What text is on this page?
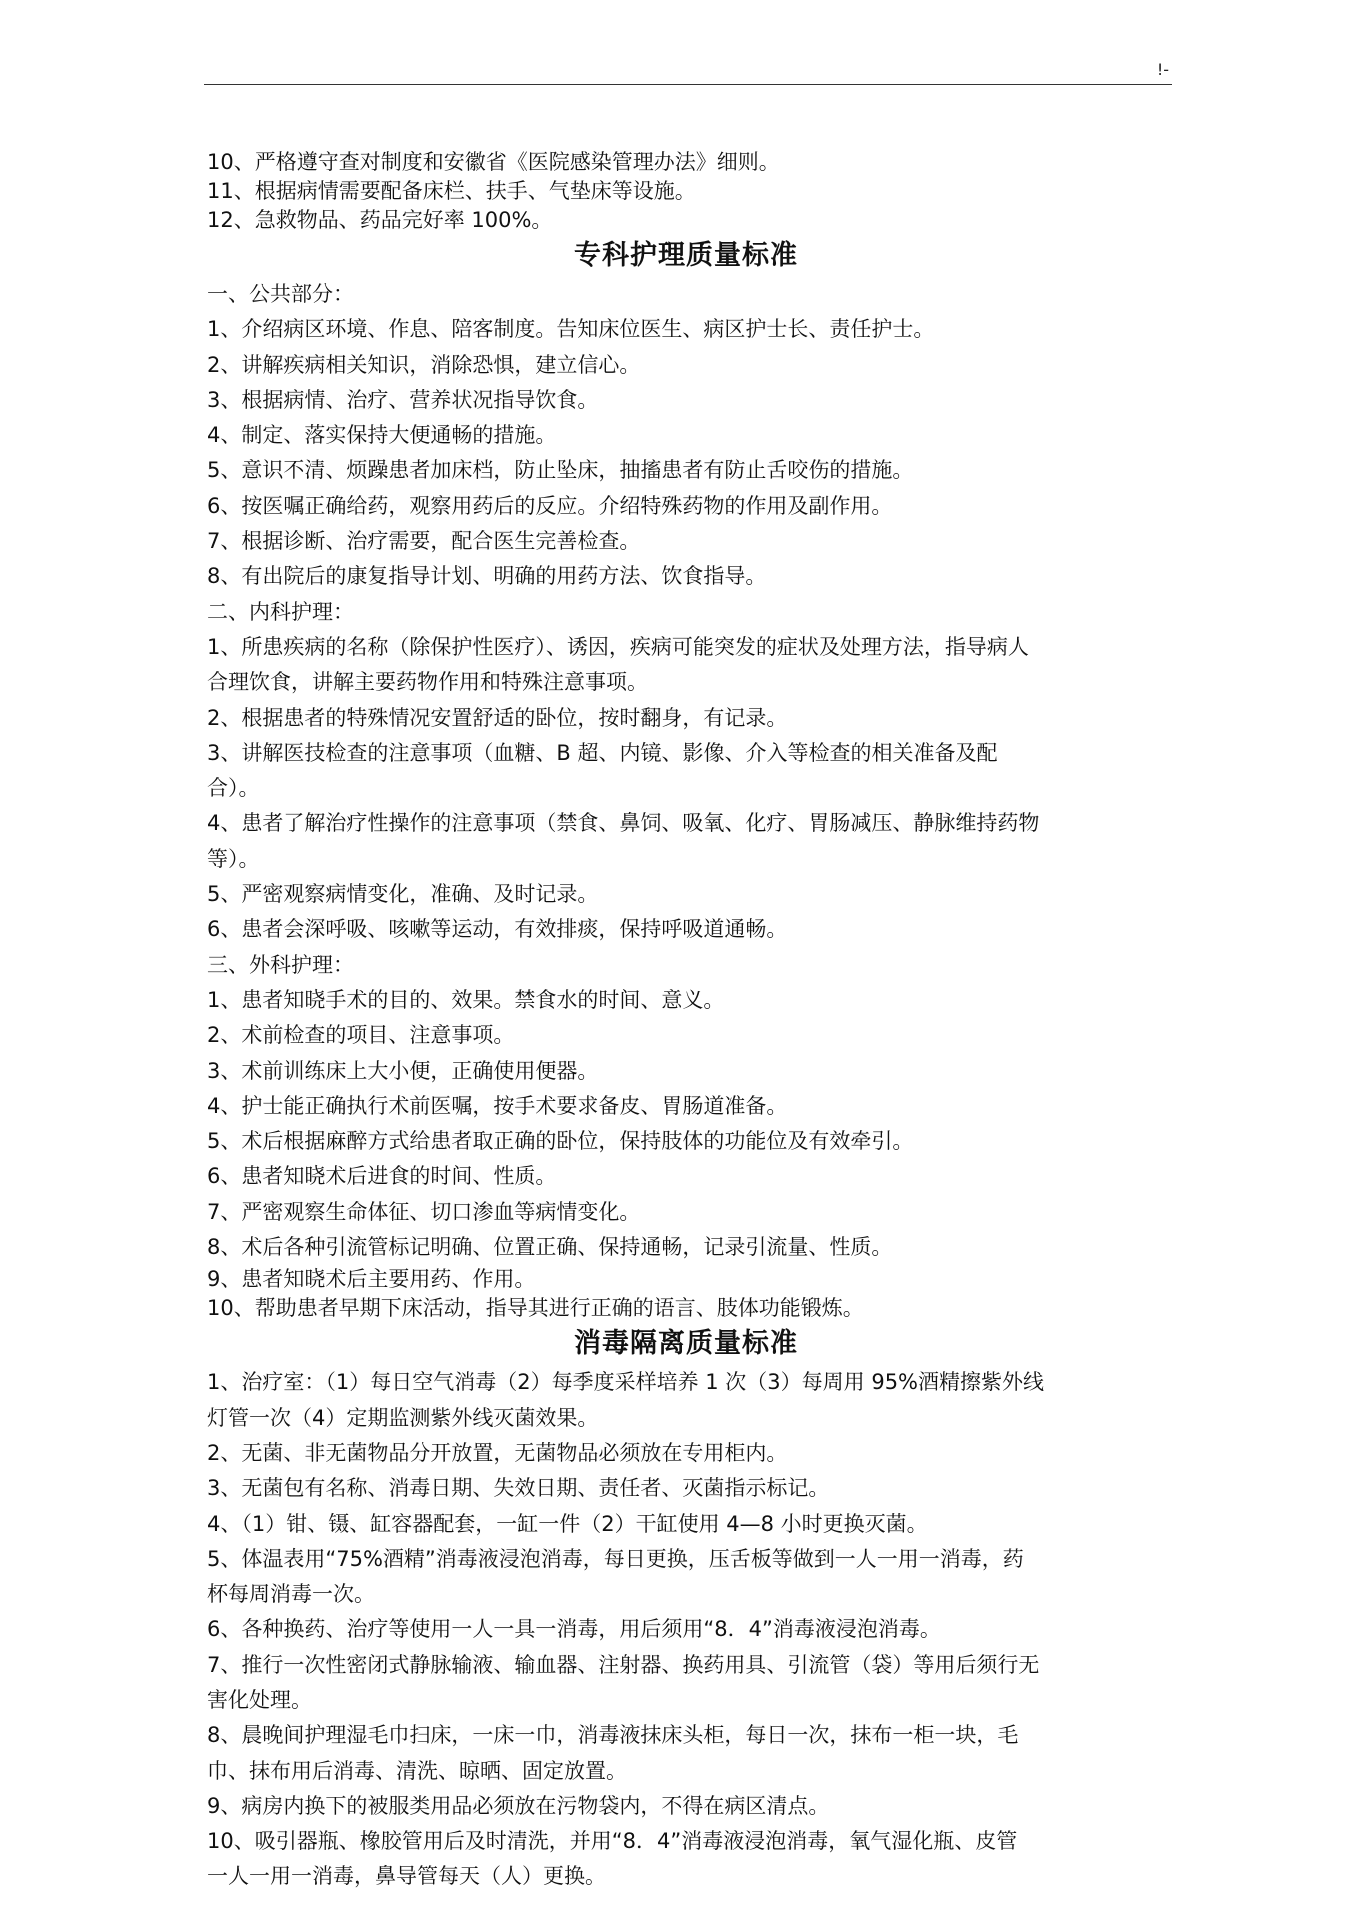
!-
10、严格遵守查对制度和安徽省《医院感染管理办法》细则。
11、根据病情需要配备床栏、扶手、气垫床等设施。
12、急救物品、药品完好率 100%。
专科护理质量标准
一、公共部分：
1、介绍病区环境、作息、陪客制度。告知床位医生、病区护士长、责任护士。
2、讲解疾病相关知识，消除恐惧，建立信心。
3、根据病情、治疗、营养状况指导饮食。
4、制定、落实保持大便通畅的措施。
5、意识不清、烦躁患者加床档，防止坠床，抽搐患者有防止舌咬伤的措施。
6、按医嘱正确给药，观察用药后的反应。介绍特殊药物的作用及副作用。
7、根据诊断、治疗需要，配合医生完善检查。
8、有出院后的康复指导计划、明确的用药方法、饮食指导。
二、内科护理：
1、所患疾病的名称（除保护性医疗）、诱因，疾病可能突发的症状及处理方法，指导病人
合理饮食，讲解主要药物作用和特殊注意事项。
2、根据患者的特殊情况安置舒适的卧位，按时翻身，有记录。
3、讲解医技检查的注意事项（血糖、B 超、内镜、影像、介入等检查的相关准备及配
合）。
4、患者了解治疗性操作的注意事项（禁食、鼻饲、吸氧、化疗、胃肠减压、静脉维持药物
等）。
5、严密观察病情变化，准确、及时记录。
6、患者会深呼吸、咳嗽等运动，有效排痰，保持呼吸道通畅。
三、外科护理：
1、患者知晓手术的目的、效果。禁食水的时间、意义。
2、术前检查的项目、注意事项。
3、术前训练床上大小便，正确使用便器。
4、护士能正确执行术前医嘱，按手术要求备皮、胃肠道准备。
5、术后根据麻醉方式给患者取正确的卧位，保持肢体的功能位及有效牵引。
6、患者知晓术后进食的时间、性质。
7、严密观察生命体征、切口渗血等病情变化。
8、术后各种引流管标记明确、位置正确、保持通畅，记录引流量、性质。
9、患者知晓术后主要用药、作用。
10、帮助患者早期下床活动，指导其进行正确的语言、肢体功能锻炼。
消毒隔离质量标准
1、治疗室：（1）每日空气消毒（2）每季度采样培养 1 次（3）每周用 95%酒精擦紫外线
灯管一次（4）定期监测紫外线灭菌效果。
2、无菌、非无菌物品分开放置，无菌物品必须放在专用柜内。
3、无菌包有名称、消毒日期、失效日期、责任者、灭菌指示标记。
4、（1）钳、镊、缸容器配套，一缸一件（2）干缸使用 4—8 小时更换灭菌。
5、体温表用“75%酒精”消毒液浸泡消毒，每日更换，压舌板等做到一人一用一消毒，药
杯每周消毒一次。
6、各种换药、治疗等使用一人一具一消毒，用后须用“8．4”消毒液浸泡消毒。
7、推行一次性密闭式静脉输液、输血器、注射器、换药用具、引流管（袋）等用后须行无
害化处理。
8、晨晚间护理湿毛巾扫床，一床一巾，消毒液抹床头柜，每日一次，抹布一柜一块，毛
巾、抹布用后消毒、清洗、晾晒、固定放置。
9、病房内换下的被服类用品必须放在污物袋内，不得在病区清点。
10、吸引器瓶、橡胶管用后及时清洗，并用“8．4”消毒液浸泡消毒，氧气湿化瓶、皮管
一人一用一消毒，鼻导管每天（人）更换。
